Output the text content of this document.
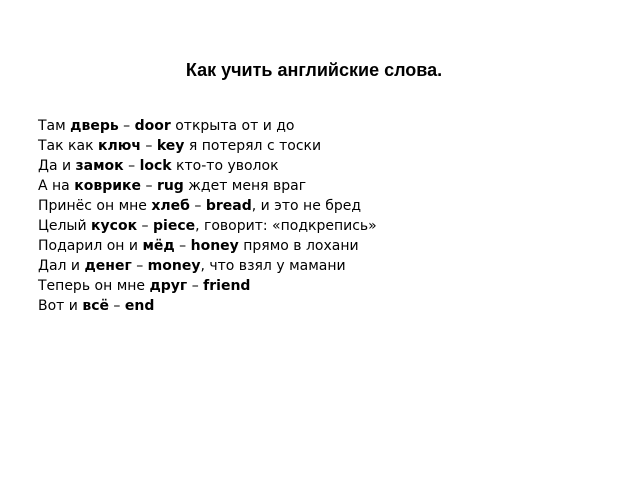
Как учить английские слова.
Там дверь – door открыта от и до
Так как ключ – key я потерял с тоски
Да и замок – lock кто-то уволок
А на коврике – rug ждет меня враг
Принёс он мне хлеб – bread, и это не бред
Целый кусок – piece, говорит: «подкрепись»
Подарил он и мёд – honey прямо в лохани
Дал и денег – money, что взял у мамани
Теперь он мне друг – friend
Вот и всё – end
